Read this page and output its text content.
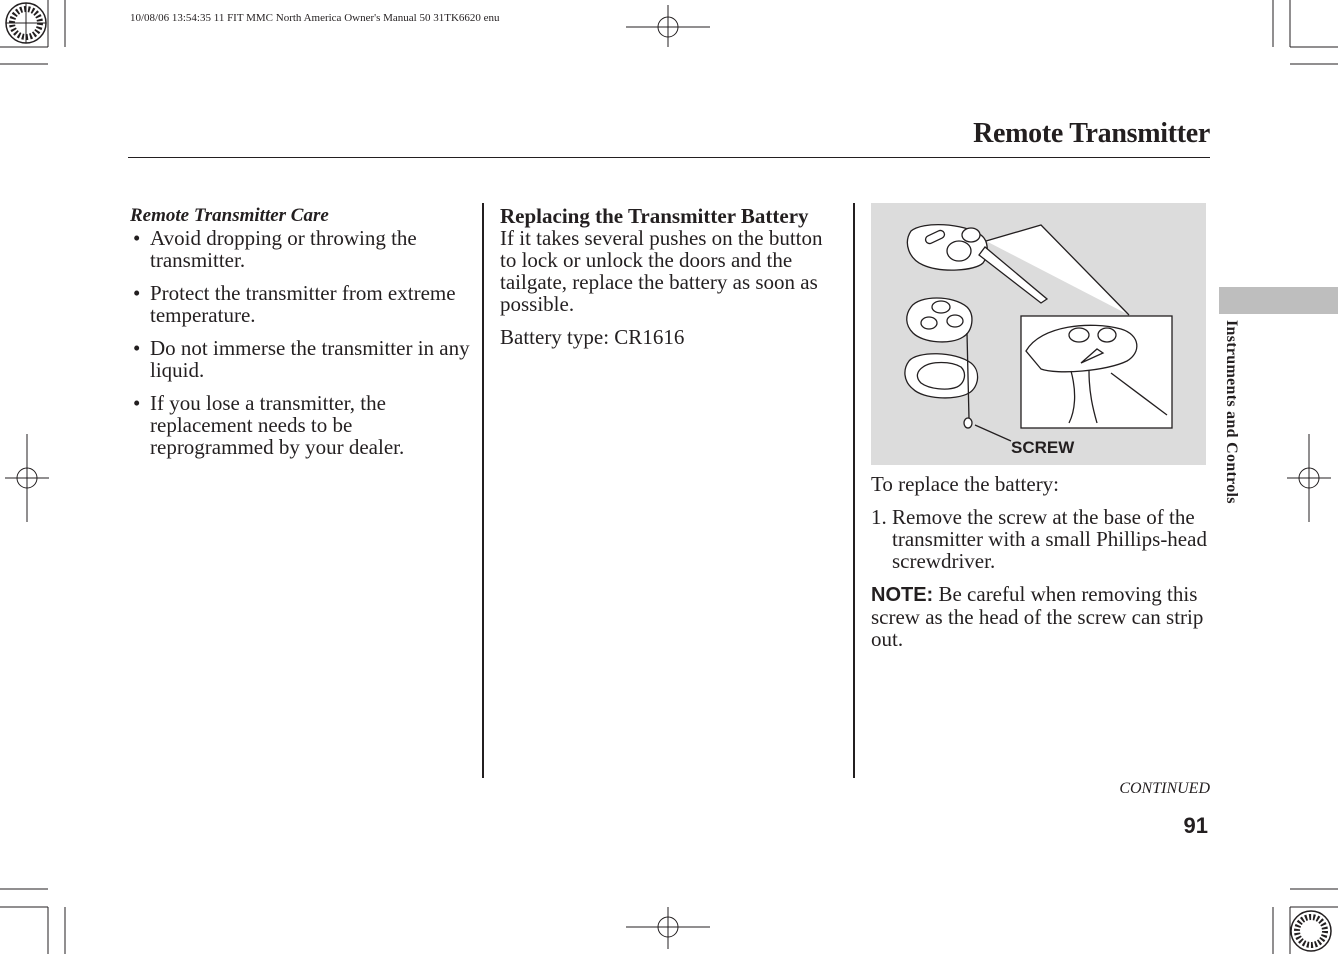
10/08/06 13:54:35 11 FIT MMC North America Owner's Manual 50 31TK6620 enu
Remote Transmitter

Remote Transmitter Care

• Avoid dropping or throwing the transmitter.
• Protect the transmitter from extreme temperature.
• Do not immerse the transmitter in any liquid.
• If you lose a transmitter, the replacement needs to be reprogrammed by your dealer.

Replacing the Transmitter Battery

If it takes several pushes on the button to lock or unlock the doors and the tailgate, replace the battery as soon as possible.

Battery type: CR1616

SCREW

To replace the battery:

1. Remove the screw at the base of the transmitter with a small Phillips-head screwdriver.

NOTE: Be careful when removing this screw as the head of the screw can strip out.

Instruments and Controls
CONTINUED
91
